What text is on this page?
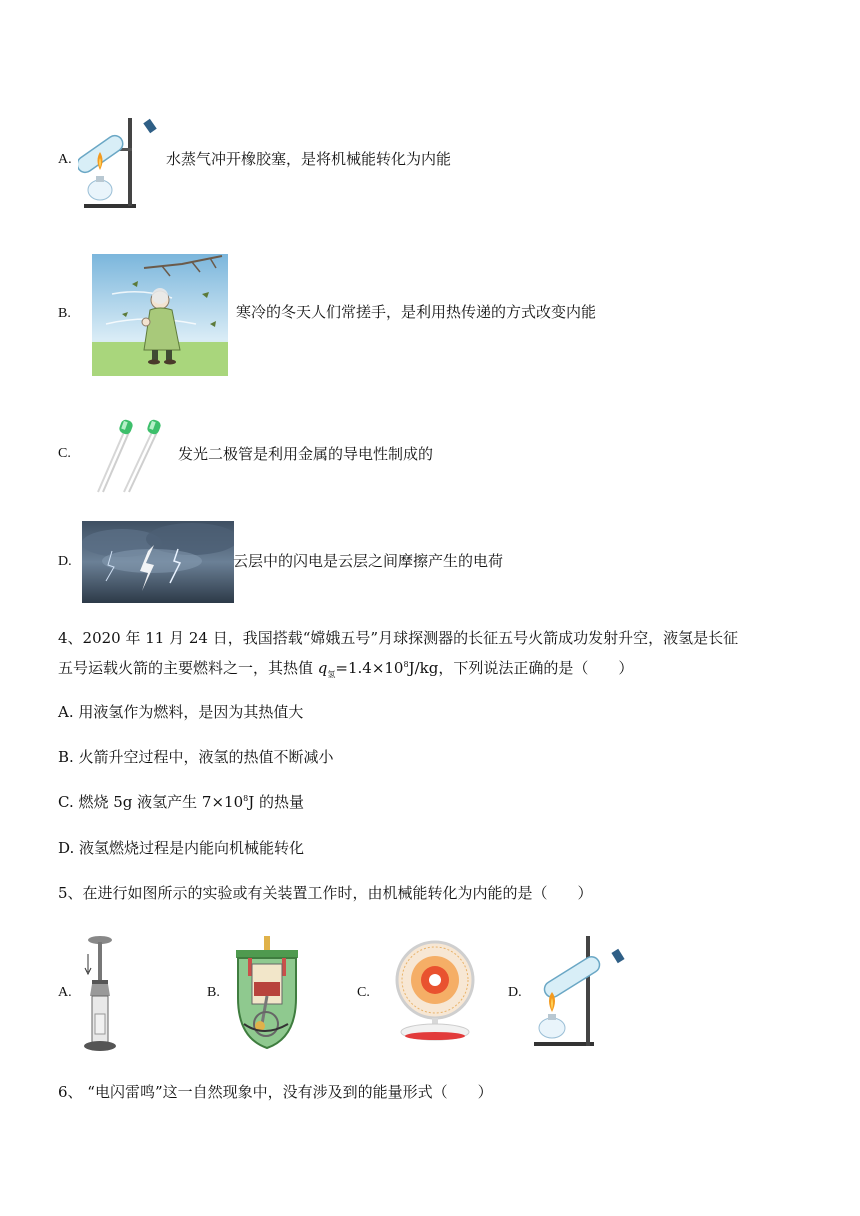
A.	水蒸气冲开橡胶塞，是将机械能转化为内能
B.	寒冷的冬天人们常搓手，是利用热传递的方式改变内能
C.	发光二极管是利用金属的导电性制成的
D.	云层中的闪电是云层之间摩擦产生的电荷
4、2020 年 11 月 24 日，我国搭载“嫦娥五号”月球探测器的长征五号火箭成功发射升空，液氢是长征
五号运载火箭的主要燃料之一，其热值 $q_氢=1.4\times 10^8J/kg$，下列说法正确的是（　　）
A. 用液氢作为燃料，是因为其热值大
B. 火箭升空过程中，液氢的热值不断减小
C. 燃烧 5g 液氢产生 $7\times 10^8J$ 的热量
D. 液氢燃烧过程是内能向机械能转化
5、在进行如图所示的实验或有关装置工作时，由机械能转化为内能的是（　　）
A.	B.	C.	D.
6、 “电闪雷鸣”这一自然现象中，没有涉及到的能量形式（　　）
